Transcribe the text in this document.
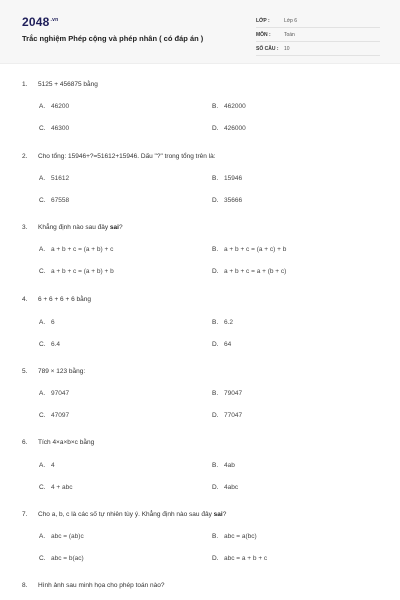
$2048^{.vn}$
Trắc nghiệm Phép cộng và phép nhân ( có đáp án )
LỚP :	Lớp 6
MÔN :	Toán
SỐ CÂU : 10
1. 5125 + 456875 bằng
A. 46200	B. 462000
C. 46300	D. 426000
2. Cho tổng: 15946+?=51612+15946. Dấu "?" trong tổng trên là:
A. 51612	B. 15946
C. 67558	D. 35666
3. Khẳng định nào sau đây sai?
A. a + b + c = (a + b) + c	B. a + b + c = (a + c) + b
C. a + b + c = (a + b) + b	D. a + b + c = a + (b + c)
4. 6 + 6 + 6 + 6 bằng
A. 6	B. 6.2
C. 6.4	D. 64
5. 789 × 123 bằng:
A. 97047	B. 79047
C. 47097	D. 77047
6. Tích 4×a×b×c bằng
A. 4	B. 4ab
C. 4 + abc	D. 4abc
7. Cho a, b, c là các số tự nhiên tùy ý. Khẳng định nào sau đây sai?
A. abc = (ab)c	B. abc = a(bc)
C. abc = b(ac)	D. abc = a + b + c
8. Hình ảnh sau minh họa cho phép toán nào?
